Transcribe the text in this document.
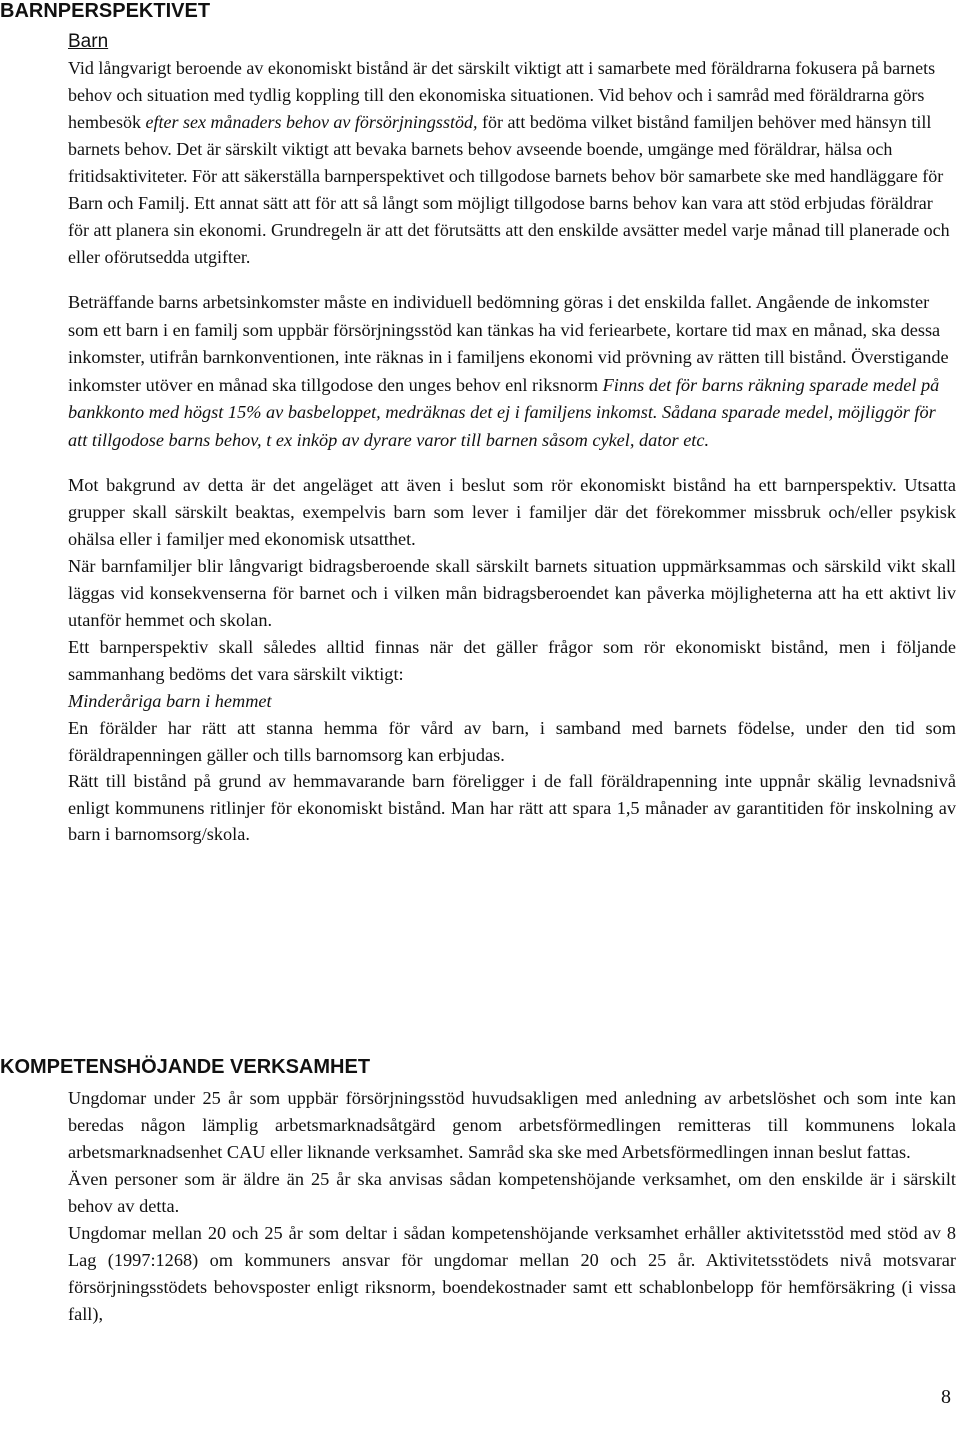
BARNPERSPEKTIVET
Barn

Vid långvarigt beroende av ekonomiskt bistånd är det särskilt viktigt att i samarbete med föräldrarna fokusera på barnets behov och situation med tydlig koppling till den ekonomiska situationen. Vid behov och i samråd med föräldrarna görs hembesök efter sex månaders behov av försörjningsstöd, för att bedöma vilket bistånd familjen behöver med hänsyn till barnets behov. Det är särskilt viktigt att bevaka barnets behov avseende boende, umgänge med föräldrar, hälsa och fritidsaktiviteter. För att säkerställa barnperspektivet och tillgodose barnets behov bör samarbete ske med handläggare för Barn och Familj. Ett annat sätt att för att så långt som möjligt tillgodose barns behov kan vara att stöd erbjudas föräldrar för att planera sin ekonomi. Grundregeln är att det förutsätts att den enskilde avsätter medel varje månad till planerade och eller oförutsedda utgifter.

Beträffande barns arbetsinkomster måste en individuell bedömning göras i det enskilda fallet. Angående de inkomster som ett barn i en familj som uppbär försörjningsstöd kan tänkas ha vid feriearbete, kortare tid max en månad, ska dessa inkomster, utifrån barnkonventionen, inte räknas in i familjens ekonomi vid prövning av rätten till bistånd. Överstigande inkomster utöver en månad ska tillgodose den unges behov enl riksnorm Finns det för barns räkning sparade medel på bankkonto med högst 15% av basbeloppet, medräknas det ej i familjens inkomst. Sådana sparade medel, möjliggör för att tillgodose barns behov, t ex inköp av dyrare varor till barnen såsom cykel, dator etc.

Mot bakgrund av detta är det angeläget att även i beslut som rör ekonomiskt bistånd ha ett barnperspektiv. Utsatta grupper skall särskilt beaktas, exempelvis barn som lever i familjer där det förekommer missbruk och/eller psykisk ohälsa eller i familjer med ekonomisk utsatthet.

När barnfamiljer blir långvarigt bidragsberoende skall särskilt barnets situation uppmärksammas och särskild vikt skall läggas vid konsekvenserna för barnet och i vilken mån bidragsberoendet kan påverka möjligheterna att ha ett aktivt liv utanför hemmet och skolan.

Ett barnperspektiv skall således alltid finnas när det gäller frågor som rör ekonomiskt bistånd, men i följande sammanhang bedöms det vara särskilt viktigt:

Minderåriga barn i hemmet

En förälder har rätt att stanna hemma för vård av barn, i samband med barnets födelse, under den tid som föräldrapenningen gäller och tills barnomsorg kan erbjudas.

Rätt till bistånd på grund av hemmavarande barn föreligger i de fall föräldrapenning inte uppnår skälig levnadsnivå enligt kommunens ritlinjer för ekonomiskt bistånd. Man har rätt att spara 1,5 månader av garantitiden för inskolning av barn i barnomsorg/skola.

KOMPETENSHÖJANDE VERKSAMHET

Ungdomar under 25 år som uppbär försörjningsstöd huvudsakligen med anledning av arbetslöshet och som inte kan beredas någon lämplig arbetsmarknadsåtgärd genom arbetsförmedlingen remitteras till kommunens lokala arbetsmarknadsenhet CAU eller liknande verksamhet. Samråd ska ske med Arbetsförmedlingen innan beslut fattas.

Även personer som är äldre än 25 år ska anvisas sådan kompetenshöjande verksamhet, om den enskilde är i särskilt behov av detta.

Ungdomar mellan 20 och 25 år som deltar i sådan kompetenshöjande verksamhet erhåller aktivitetsstöd med stöd av 8 Lag (1997:1268) om kommuners ansvar för ungdomar mellan 20 och 25 år. Aktivitetsstödets nivå motsvarar försörjningsstödets behovsposter enligt riksnorm, boendekostnader samt ett schablonbelopp för hemförsäkring (i vissa fall),

8
